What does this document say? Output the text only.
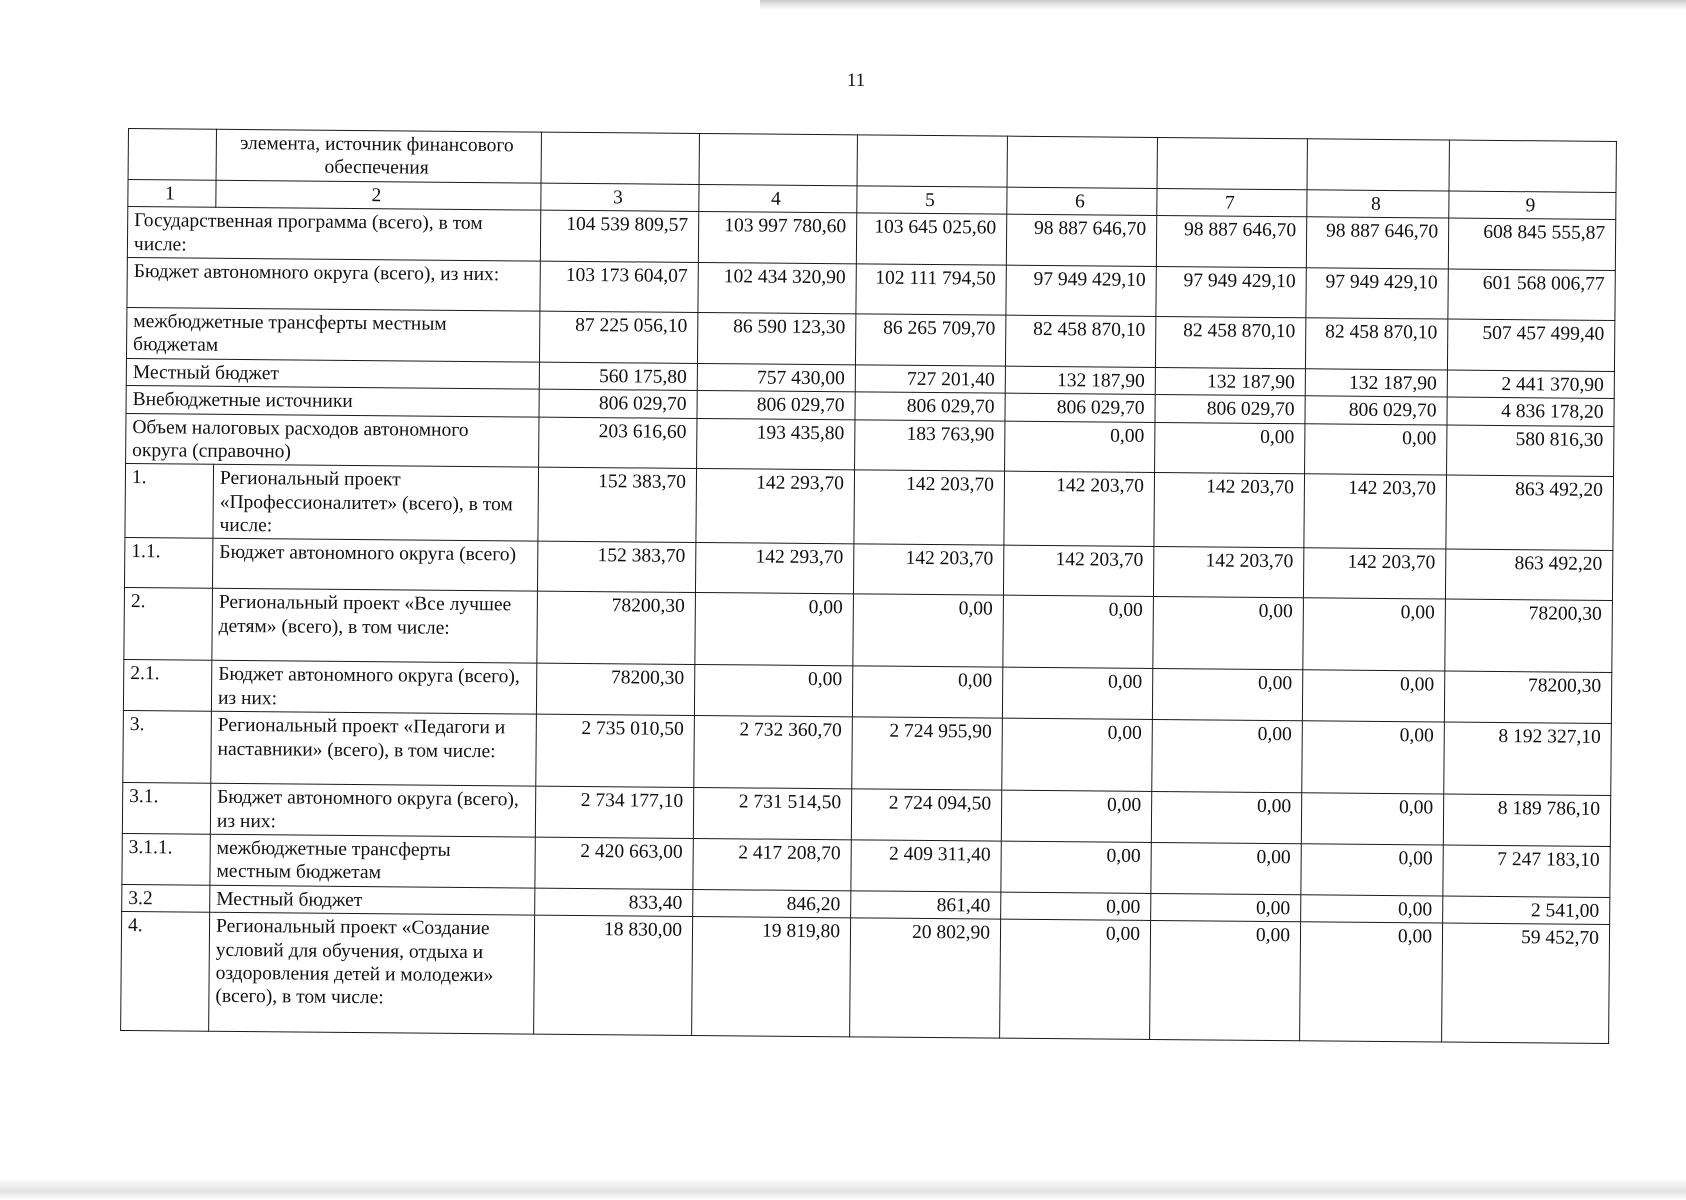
11
	элемента, источник финансового обеспечения							
1	2	3	4	5	6	7	8	9
Государственная программа (всего), в том числе:		104 539 809,57	103 997 780,60	103 645 025,60	98 887 646,70	98 887 646,70	98 887 646,70	608 845 555,87
Бюджет автономного округа (всего), из них:		103 173 604,07	102 434 320,90	102 111 794,50	97 949 429,10	97 949 429,10	97 949 429,10	601 568 006,77
межбюджетные трансферты местным бюджетам		87 225 056,10	86 590 123,30	86 265 709,70	82 458 870,10	82 458 870,10	82 458 870,10	507 457 499,40
Местный бюджет		560 175,80	757 430,00	727 201,40	132 187,90	132 187,90	132 187,90	2 441 370,90
Внебюджетные источники		806 029,70	806 029,70	806 029,70	806 029,70	806 029,70	806 029,70	4 836 178,20
Объем налоговых расходов автономного округа (справочно)		203 616,60	193 435,80	183 763,90	0,00	0,00	0,00	580 816,30
1.	Региональный проект «Профессионалитет» (всего), в том числе:	152 383,70	142 293,70	142 203,70	142 203,70	142 203,70	142 203,70	863 492,20
1.1.	Бюджет автономного округа (всего)	152 383,70	142 293,70	142 203,70	142 203,70	142 203,70	142 203,70	863 492,20
2.	Региональный проект «Все лучшее детям» (всего), в том числе:	78200,30	0,00	0,00	0,00	0,00	0,00	78200,30
2.1.	Бюджет автономного округа (всего), из них:	78200,30	0,00	0,00	0,00	0,00	0,00	78200,30
3.	Региональный проект «Педагоги и наставники» (всего), в том числе:	2 735 010,50	2 732 360,70	2 724 955,90	0,00	0,00	0,00	8 192 327,10
3.1.	Бюджет автономного округа (всего), из них:	2 734 177,10	2 731 514,50	2 724 094,50	0,00	0,00	0,00	8 189 786,10
3.1.1.	межбюджетные трансферты местным бюджетам	2 420 663,00	2 417 208,70	2 409 311,40	0,00	0,00	0,00	7 247 183,10
3.2	Местный бюджет	833,40	846,20	861,40	0,00	0,00	0,00	2 541,00
4.	Региональный проект «Создание условий для обучения, отдыха и оздоровления детей и молодежи» (всего), в том числе:	18 830,00	19 819,80	20 802,90	0,00	0,00	0,00	59 452,70
